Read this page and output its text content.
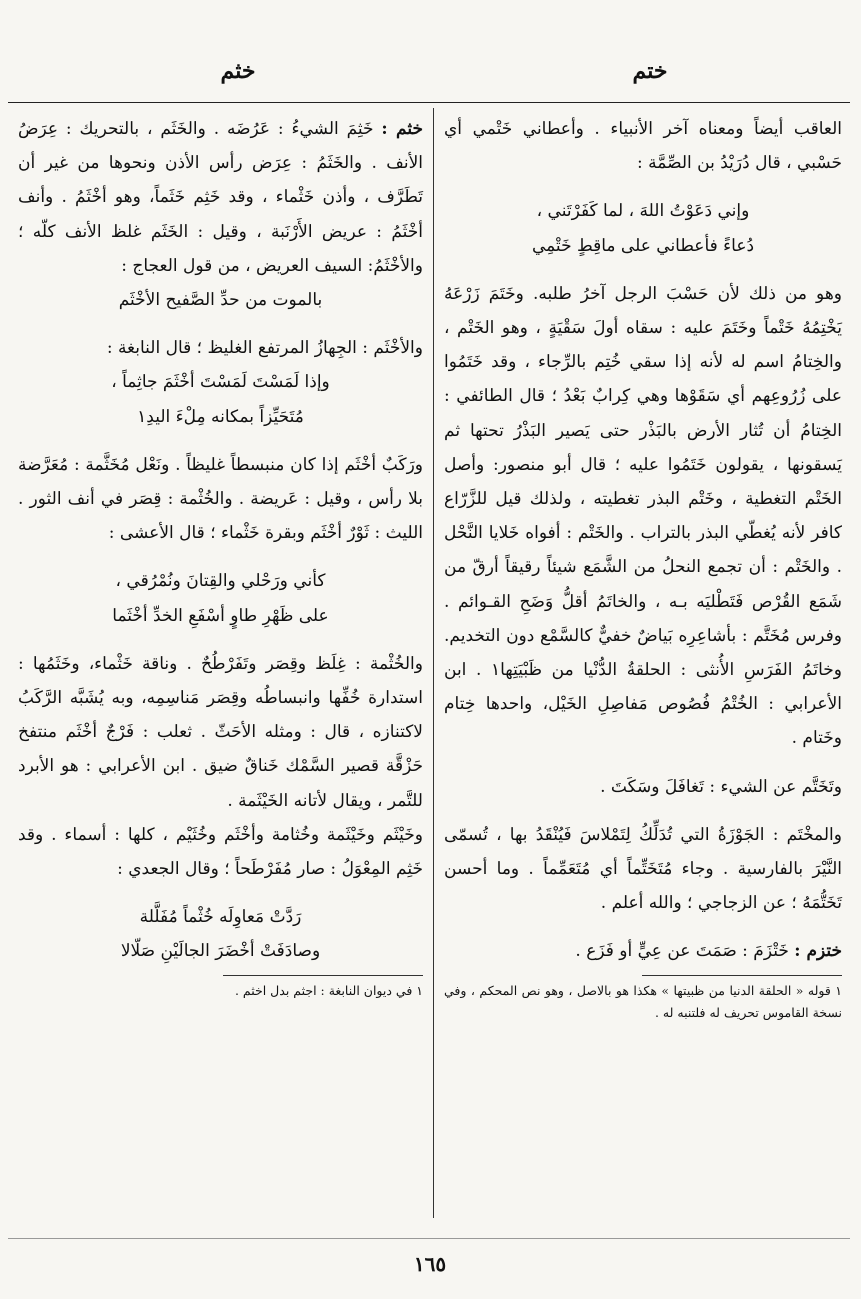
ختم
خثم

العاقب أيضاً ومعناه آخر الأنبياء . وأعطاني خَتْمي أي حَسْبي ، قال دُرَيْدُ بن الصِّمَّة :

وإني دَعَوْتُ اللهَ ، لما كَفَرْتَني ،

دُعاءً فأعطاني على ماقِطٍ خَتْمِي

وهو من ذلك لأن حَسْبَ الرجل آخرُ طلبه. وخَتَمَ زَرْعَهُ يَخْتِمُهُ خَتْماً وخَتَمَ عليه : سقاه أولَ سَقْيَةٍ ، وهو الخَتْم ، والخِتامُ اسم له لأنه إذا سقي خُتِم بالرِّجاء ، وقد خَتَمُوا على زُرُوعِهم أي سَقَوْها وهي كِرابٌ بَعْدُ ؛ قال الطائفي : الخِتامُ أن تُثار الأرض بالبَذْر حتى يَصير البَذْرُ تحتها ثم يَسقونها ، يقولون خَتَمُوا عليه ؛ قال أبو منصور: وأصل الخَتْم التغطية ، وخَتْم البذر تغطيته ، ولذلك قيل للزَّرّاع كافر لأنه يُغطّي البذر بالتراب . والخَتْم : أفواه خَلايا النَّحْل . والخَتْم : أن تجمع النحلُ من الشَّمَع شيئاً رقيقاً أرقّ من شَمَع القُرْص فَتَطْليَه بـه ، والخاتَمُ أقلُّ وَضَحِ القـوائم . وفرس مُخَتَّم : بأشاعِرِه بَياضٌ خفيٌّ كالسَّمْع دون التخديم. وخاتَمُ الفَرَسِ الأُنثى : الحلقةُ الدُّنْيا من ظَبْيَتِها١ . ابن الأعرابي : الخُتْمُ فُصُوص مَفاصِلِ الخَيْل، واحدها خِتام وخَتام .

وتَخَتَّم عن الشيء : تَغافَلَ وسَكَتَ .

والمخْتَم : الجَوْزَةُ التي تُدَلِّكُ لِتَمْلاسَ فَيُنْقَدُ بها ، تُسمّى النَّيْرَ بالفارسية . وجاء مُتَخَتِّماً أي مُتَعَمِّماً . وما أحسن تَخَتُّمَهُ ؛ عن الزجاجي ؛ والله أعلم .

ختزم : خَتْزَمَ : صَمَتَ عن عِيٍّ أو فَزَع .

١ قوله « الحلقة الدنيا من ظبيتها » هكذا هو بالاصل ، وهو نص المحكم ، وفي نسخة القاموس تحريف له فلتنبه له .

خثم : خَثِمَ الشيءُ : عَرُضَه . والخَثَم ، بالتحريك : عِرَضُ الأنف . والخَثَمُ : عِرَض رأس الأذن ونحوها من غير أن تَطَرَّف ، وأذن خَثْماء ، وقد خَثِم خَثَماً، وهو أخْثَمُ . وأنف أخْثَمُ : عريض الأَرْنَبة ، وقيل : الخَثَم غلظ الأنف كلّه ؛ والأخْثَمُ: السيف العريض ، من قول العجاج :

بالموت من حدِّ الصَّفيح الأخْثَم

والأخْثَم : الجِهازُ المرتفع الغليظ ؛ قال النابغة :

وإذا لَمَسْتَ لَمَسْتَ أخْثَمَ جاثِماً ،

مُتَحَيِّزاً بمكانه مِلْءَ اليدِ١

ورَكَبٌ أخْثَم إذا كان منبسطاً غليظاً . ونَعْل مُخَثَّمة : مُعَرَّضة بلا رأس ، وقيل : عَريضة . والخُثْمة : قِصَر في أنف الثور . الليث : ثَوْرٌ أخْثَم وبقرة خَثْماء ؛ قال الأعشى :

كأني ورَحْلي والقِتانَ ونُمْرُقي ،

على ظَهْرِ طاوٍ أسْفَعِ الخدِّ أخْثَما

والخُثْمة : غِلَظ وقِصَر وتَفَرْطُحٌ . وناقة خَثْماء، وخَثَمُها : استدارة خُفِّها وانبساطُه وقِصَر مَناسِمِه، وبه يُشَبَّه الرَّكَبُ لاكتنازه ، قال : ومثله الأحَثّ . ثعلب : فَرْجٌ أخْثَم منتفخ حَزْقَّة قصير السَّمْك خَناقٌ ضيق . ابن الأعرابي : هو الأبرد للتَّمر ، ويقال لأتانه الخَيْثَمة .

وخَيْثَم وخَيْثَمة وخُثامة وأخْثَم وخُثَيْم ، كلها : أسماء . وقد خَثِم المِعْوَلُ : صار مُفَرْطَحاً ؛ وقال الجعدي :

رَدَّتْ مَعاوِلَه خُثْماً مُفَلَّلة

وصادَفَتْ أخْضَرَ الجالَيْنِ صَلّالا

١ في ديوان النابغة : اجثم بدل اخثم .

١٦٥
